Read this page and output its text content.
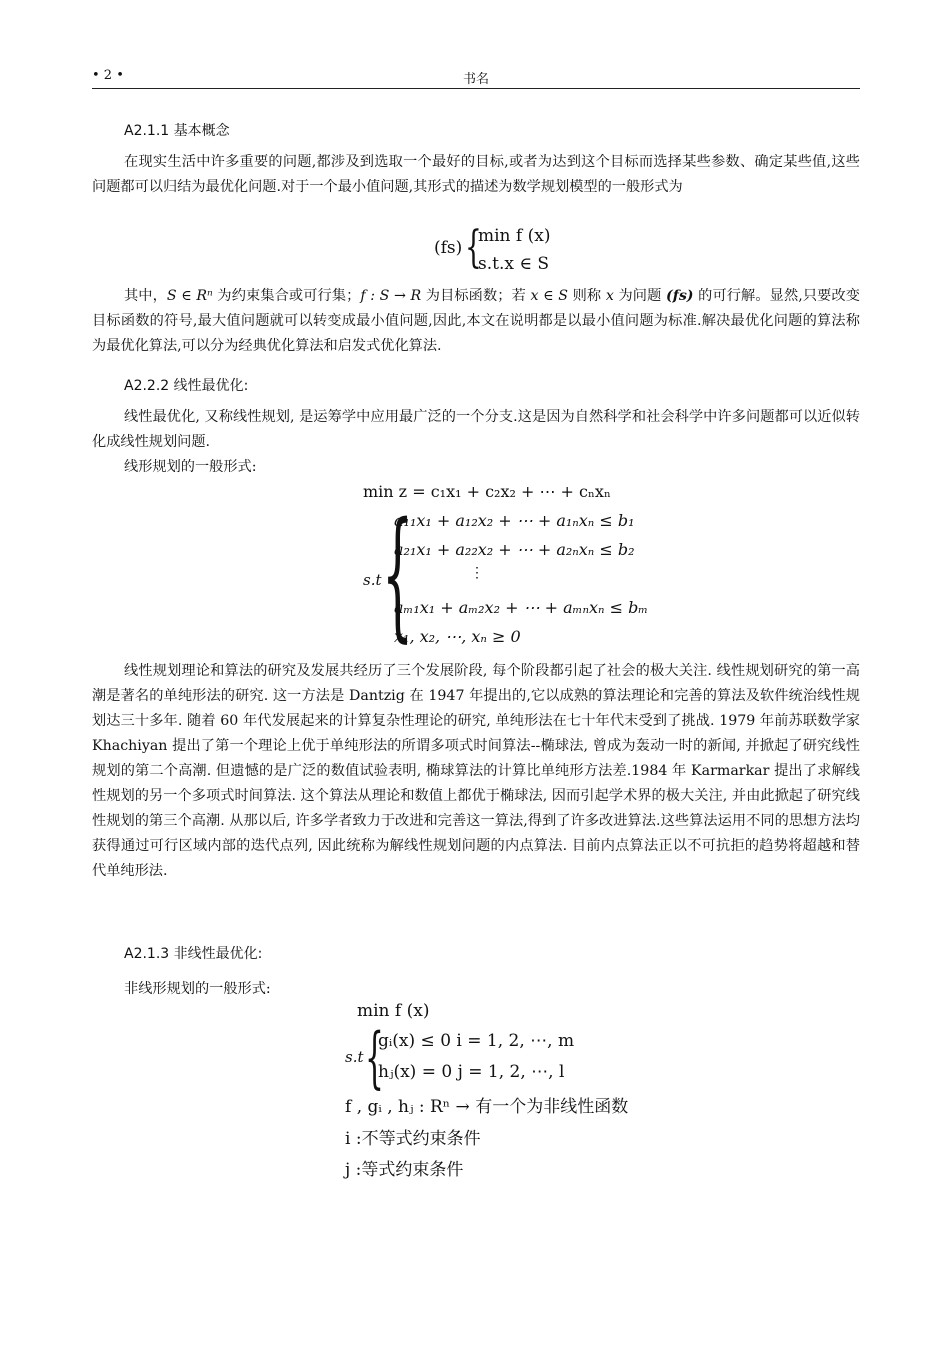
• 2 •	书名
A2.1.1 基本概念
在现实生活中许多重要的问题,都涉及到选取一个最好的目标,或者为达到这个目标而选择某些参数、确定某些值,这些问题都可以归结为最优化问题.对于一个最小值问题,其形式的描述为数学规划模型的一般形式为
(fs) {
min f (x)
s.t.x ∈ S
其中，S ∈ Rⁿ 为约束集合或可行集；f : S → R 为目标函数；若 x ∈ S 则称 x 为问题 (fs) 的可行解。显然,只要改变目标函数的符号,最大值问题就可以转变成最小值问题,因此,本文在说明都是以最小值问题为标准.解决最优化问题的算法称为最优化算法,可以分为经典优化算法和启发式优化算法.
A2.2.2 线性最优化:
线性最优化, 又称线性规划, 是运筹学中应用最广泛的一个分支.这是因为自然科学和社会科学中许多问题都可以近似转化成线性规划问题.
线形规划的一般形式:
min z = c₁x₁ + c₂x₂ + ⋯ + cₙxₙ
s.t {
a₁₁x₁ + a₁₂x₂ + ⋯ + a₁ₙxₙ ≤ b₁
a₂₁x₁ + a₂₂x₂ + ⋯ + a₂ₙxₙ ≤ b₂
⋮
aₘ₁x₁ + aₘ₂x₂ + ⋯ + aₘₙxₙ ≤ bₘ
x₁, x₂, ⋯, xₙ ≥ 0
线性规划理论和算法的研究及发展共经历了三个发展阶段, 每个阶段都引起了社会的极大关注. 线性规划研究的第一高潮是著名的单纯形法的研究. 这一方法是 Dantzig 在 1947 年提出的,它以成熟的算法理论和完善的算法及软件统治线性规划达三十多年. 随着 60 年代发展起来的计算复杂性理论的研究, 单纯形法在七十年代末受到了挑战. 1979 年前苏联数学家 Khachiyan 提出了第一个理论上优于单纯形法的所谓多项式时间算法--椭球法, 曾成为轰动一时的新闻, 并掀起了研究线性规划的第二个高潮. 但遗憾的是广泛的数值试验表明, 椭球算法的计算比单纯形方法差.1984 年 Karmarkar 提出了求解线性规划的另一个多项式时间算法. 这个算法从理论和数值上都优于椭球法, 因而引起学术界的极大关注, 并由此掀起了研究线性规划的第三个高潮. 从那以后, 许多学者致力于改进和完善这一算法,得到了许多改进算法.这些算法运用不同的思想方法均获得通过可行区域内部的迭代点列, 因此统称为解线性规划问题的内点算法. 目前内点算法正以不可抗拒的趋势将超越和替代单纯形法.
A2.1.3 非线性最优化:
非线形规划的一般形式:
min f (x)
s.t {
gᵢ(x) ≤ 0 i = 1, 2, ⋯, m
hⱼ(x) = 0 j = 1, 2, ⋯, l
f , gᵢ , hⱼ : Rⁿ → 有一个为非线性函数
i :不等式约束条件
j :等式约束条件
